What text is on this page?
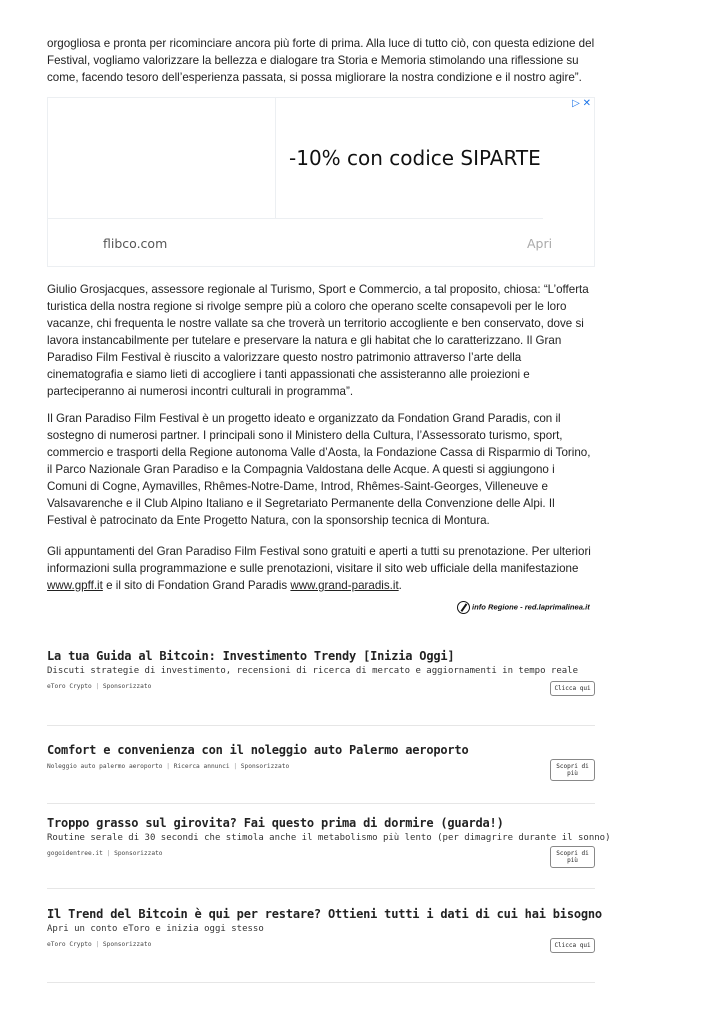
orgogliosa e pronta per ricominciare ancora più forte di prima. Alla luce di tutto ciò, con questa edizione del Festival, vogliamo valorizzare la bellezza e dialogare tra Storia e Memoria stimolando una riflessione su come, facendo tesoro dell’esperienza passata, si possa migliorare la nostra condizione e il nostro agire”.

▷ ✕
-10% con codice SIPARTE
flibco.com	Apri

Giulio Grosjacques, assessore regionale al Turismo, Sport e Commercio, a tal proposito, chiosa: “L’offerta turistica della nostra regione si rivolge sempre più a coloro che operano scelte consapevoli per le loro vacanze, chi frequenta le nostre vallate sa che troverà un territorio accogliente e ben conservato, dove si lavora instancabilmente per tutelare e preservare la natura e gli habitat che lo caratterizzano. Il Gran Paradiso Film Festival è riuscito a valorizzare questo nostro patrimonio attraverso l’arte della cinematografia e siamo lieti di accogliere i tanti appassionati che assisteranno alle proiezioni e parteciperanno ai numerosi incontri culturali in programma”.

Il Gran Paradiso Film Festival è un progetto ideato e organizzato da Fondation Grand Paradis, con il sostegno di numerosi partner. I principali sono il Ministero della Cultura, l’Assessorato turismo, sport, commercio e trasporti della Regione autonoma Valle d’Aosta, la Fondazione Cassa di Risparmio di Torino, il Parco Nazionale Gran Paradiso e la Compagnia Valdostana delle Acque. A questi si aggiungono i Comuni di Cogne, Aymavilles, Rhêmes-Notre-Dame, Introd, Rhêmes-Saint-Georges, Villeneuve e Valsavarenche e il Club Alpino Italiano e il Segretariato Permanente della Convenzione delle Alpi. Il Festival è patrocinato da Ente Progetto Natura, con la sponsorship tecnica di Montura.

Gli appuntamenti del Gran Paradiso Film Festival sono gratuiti e aperti a tutti su prenotazione. Per ulteriori informazioni sulla programmazione e sulle prenotazioni, visitare il sito web ufficiale della manifestazione www.gpff.it e il sito di Fondation Grand Paradis www.grand-paradis.it.

info Regione - red.laprimalinea.it
La tua Guida al Bitcoin: Investimento Trendy [Inizia Oggi]
Discuti strategie di investimento, recensioni di ricerca di mercato e aggiornamenti in tempo reale
eToro Crypto | Sponsorizzato	Clicca qui
Comfort e convenienza con il noleggio auto Palermo aeroporto
Noleggio auto palermo aeroporto | Ricerca annunci | Sponsorizzato	Scopri di più
Troppo grasso sul girovita? Fai questo prima di dormire (guarda!)
Routine serale di 30 secondi che stimola anche il metabolismo più lento (per dimagrire durante il sonno)
gogoidentree.it | Sponsorizzato	Scopri di più
Il Trend del Bitcoin è qui per restare? Ottieni tutti i dati di cui hai bisogno
Apri un conto eToro e inizia oggi stesso
eToro Crypto | Sponsorizzato	Clicca qui
